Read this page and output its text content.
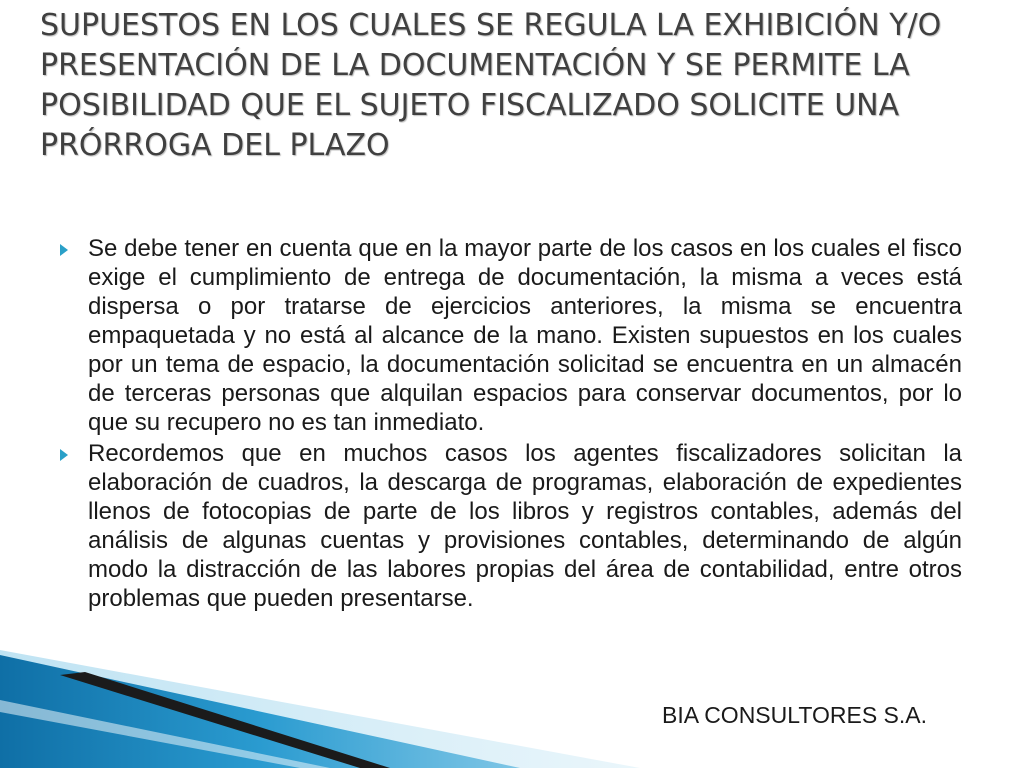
SUPUESTOS EN LOS CUALES SE REGULA LA EXHIBICIÓN Y/O PRESENTACIÓN DE LA DOCUMENTACIÓN Y SE PERMITE LA POSIBILIDAD QUE EL SUJETO FISCALIZADO SOLICITE UNA PRÓRROGA DEL PLAZO
Se debe tener en cuenta que en la mayor parte de los casos en los cuales el fisco exige el cumplimiento de entrega de documentación, la misma a veces está dispersa o por tratarse de ejercicios anteriores, la misma se encuentra empaquetada y no está al alcance de la mano. Existen supuestos en los cuales por un tema de espacio, la documentación solicitad se encuentra en un almacén de terceras personas que alquilan espacios para conservar documentos, por lo que su recupero no es tan inmediato.
Recordemos que en muchos casos los agentes fiscalizadores solicitan la elaboración de cuadros, la descarga de programas, elaboración de expedientes llenos de fotocopias de parte de los libros y registros contables, además del análisis de algunas cuentas y provisiones contables, determinando de algún modo la distracción de las labores propias del área de contabilidad, entre otros problemas que pueden presentarse.
BIA CONSULTORES S.A.
